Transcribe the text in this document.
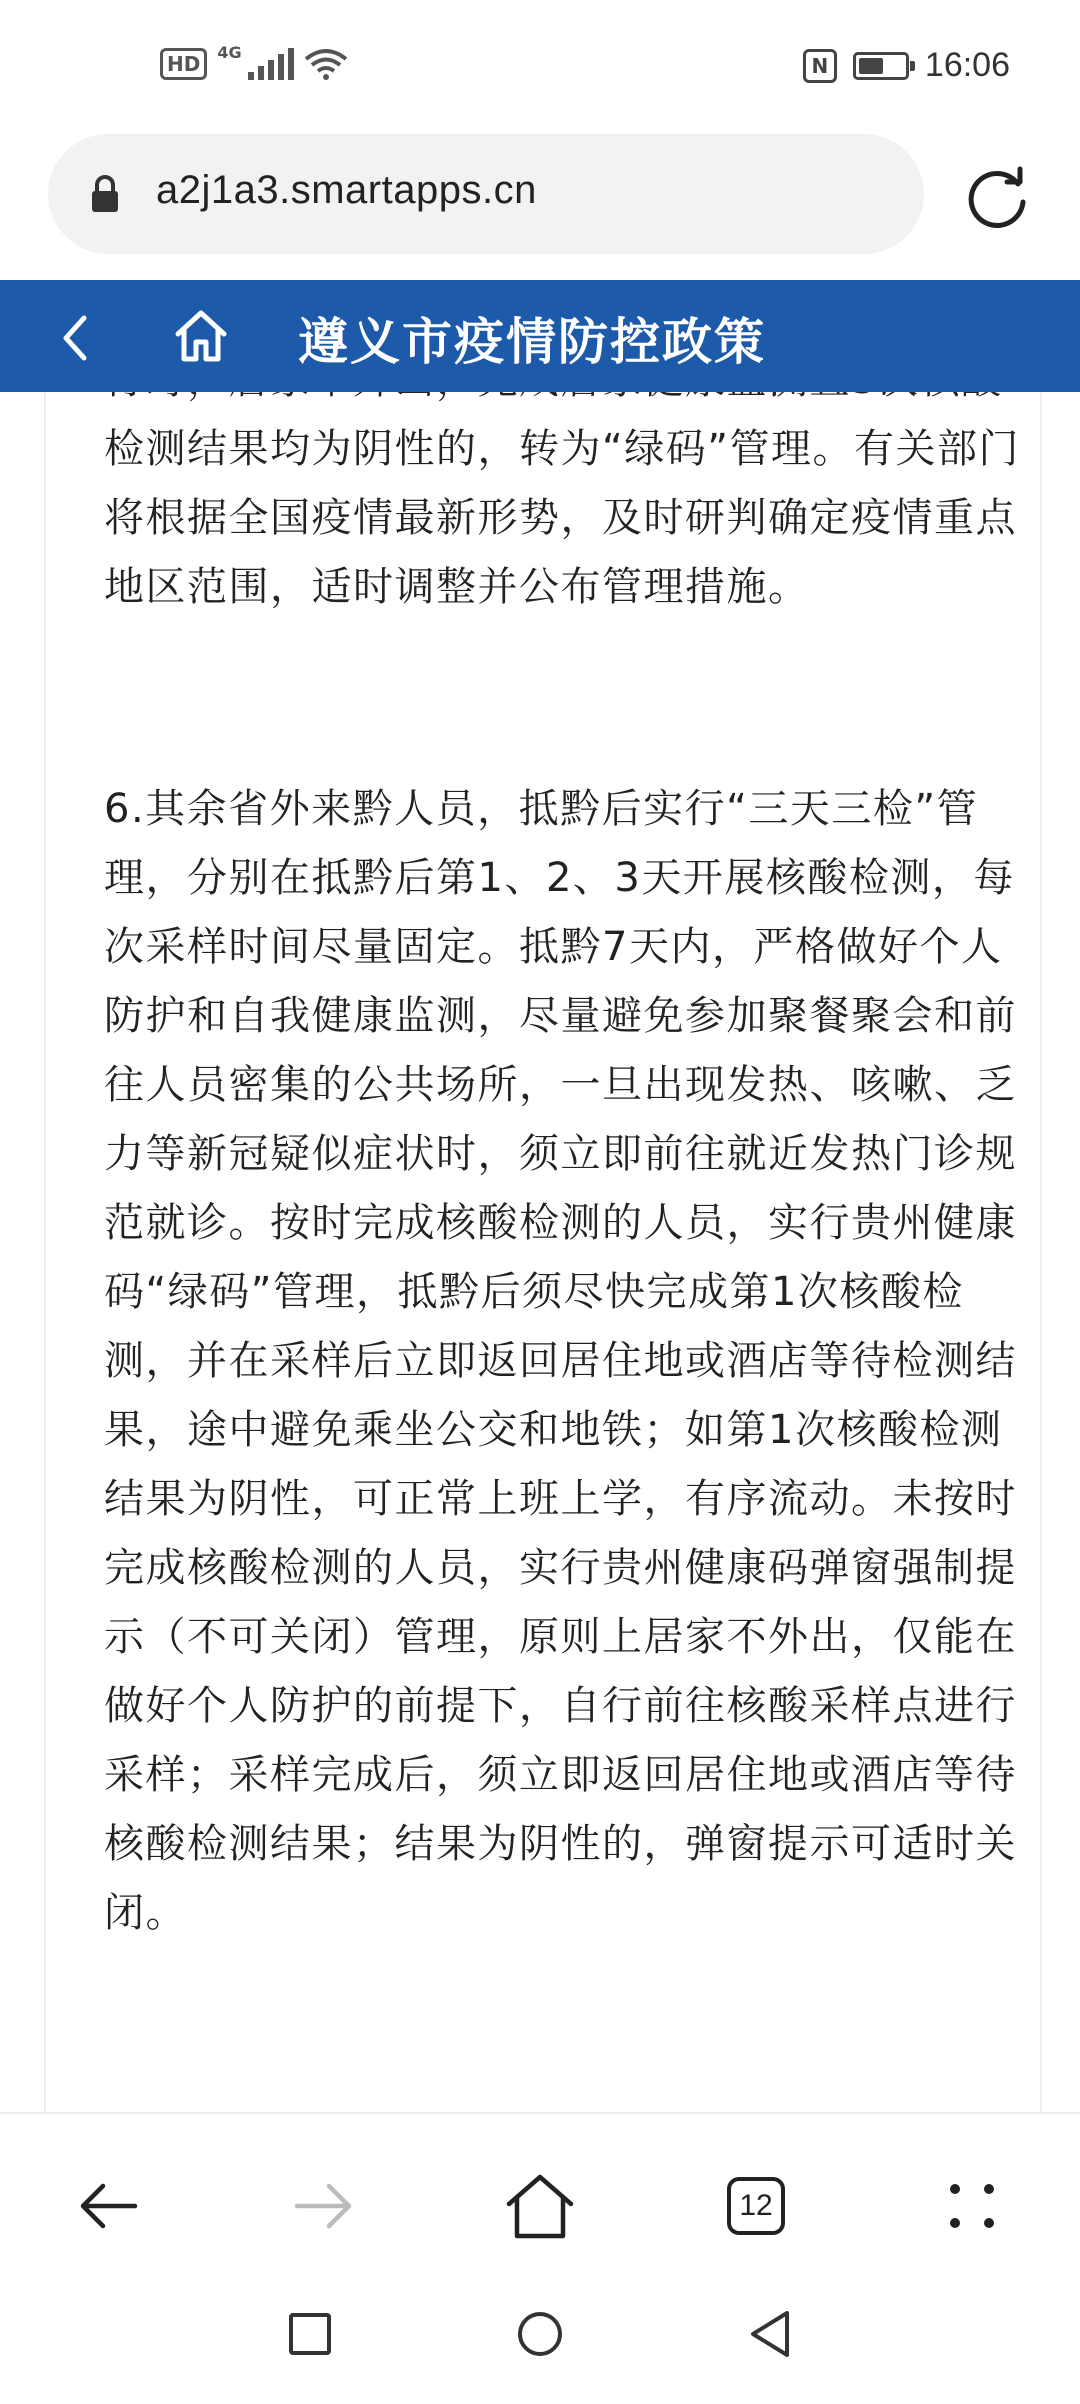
HD	4G
N	16:06
a2j1a3.smartapps.cn
遵义市疫情防控政策

检测结果均为阴性的，转为“绿码”管理。有关部门将根据全国疫情最新形势，及时研判确定疫情重点地区范围，适时调整并公布管理措施。

6.其余省外来黔人员，抵黔后实行“三天三检”管理，分别在抵黔后第1、2、3天开展核酸检测，每次采样时间尽量固定。抵黔7天内，严格做好个人防护和自我健康监测，尽量避免参加聚餐聚会和前往人员密集的公共场所，一旦出现发热、咳嗽、乏力等新冠疑似症状时，须立即前往就近发热门诊规范就诊。按时完成核酸检测的人员，实行贵州健康码“绿码”管理，抵黔后须尽快完成第1次核酸检测，并在采样后立即返回居住地或酒店等待检测结果，途中避免乘坐公交和地铁；如第1次核酸检测结果为阴性，可正常上班上学，有序流动。未按时完成核酸检测的人员，实行贵州健康码弹窗强制提示（不可关闭）管理，原则上居家不外出，仅能在做好个人防护的前提下，自行前往核酸采样点进行采样；采样完成后，须立即返回居住地或酒店等待核酸检测结果；结果为阴性的，弹窗提示可适时关闭。

12
